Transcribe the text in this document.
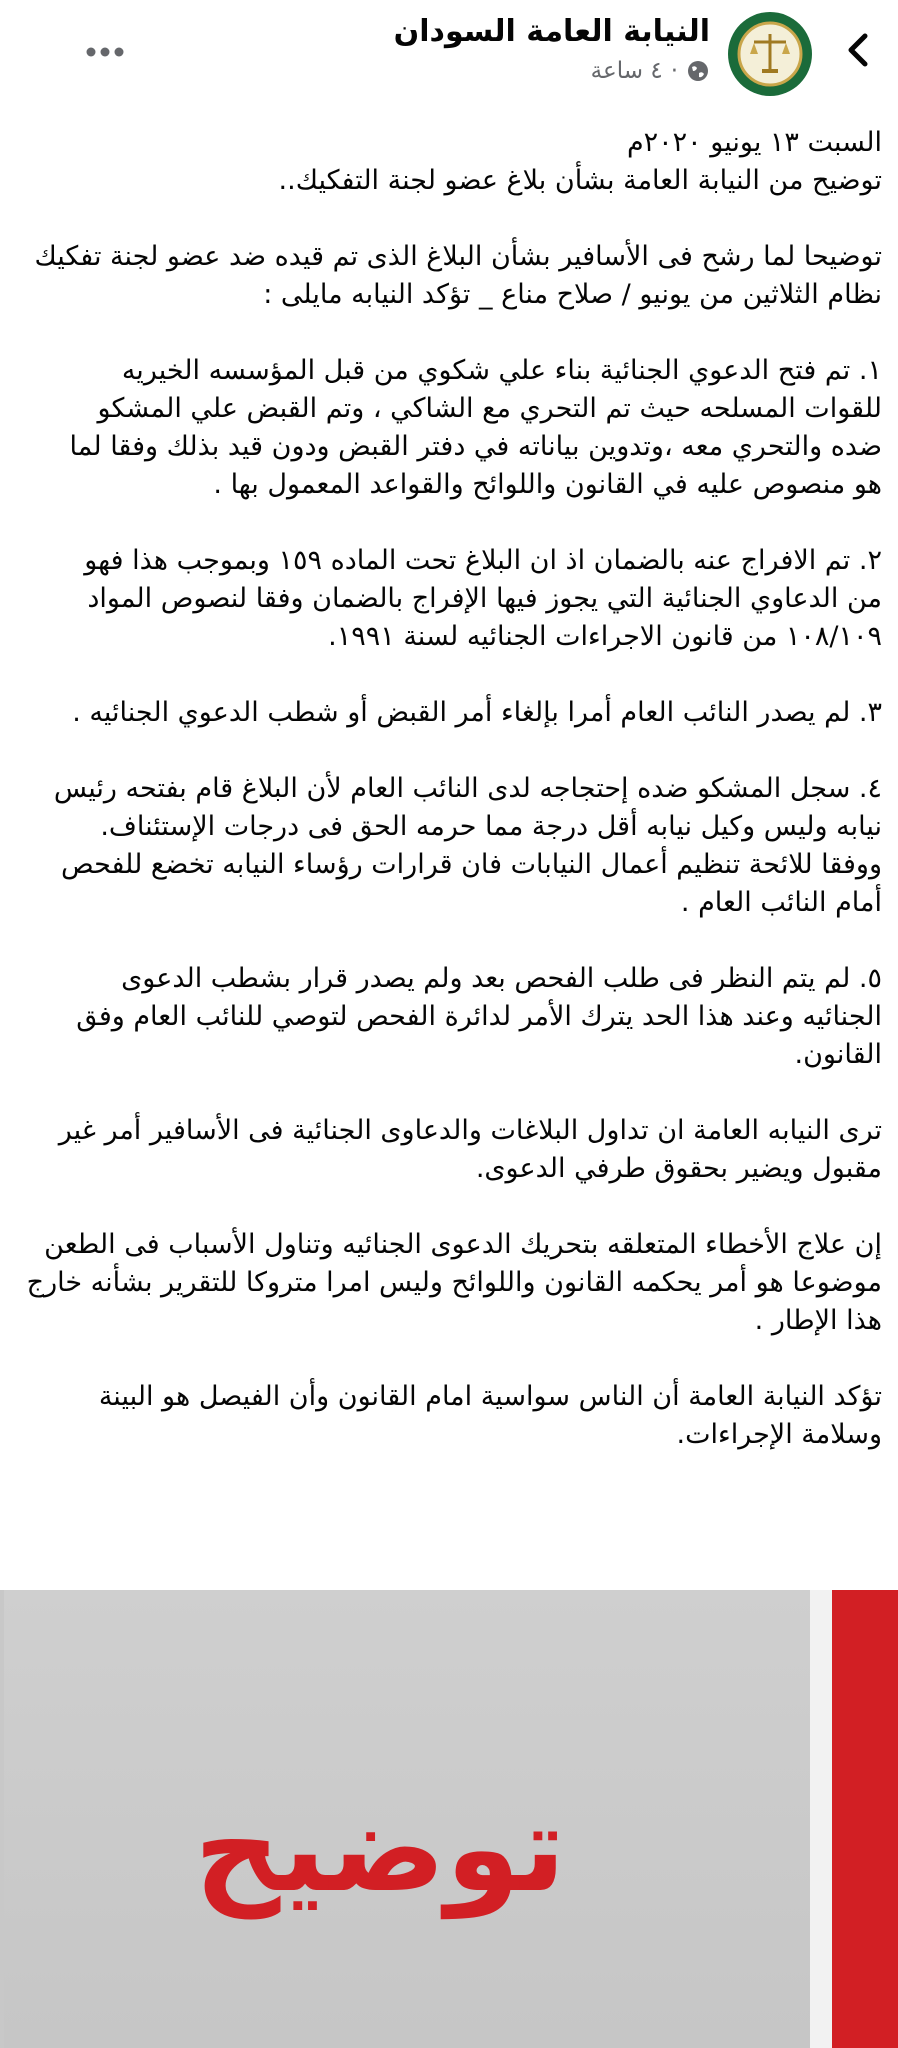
النيابة العامة السودان
٤ ساعة ·

السبت ١٣ يونيو ٢٠٢٠م

توضيح من النيابة العامة بشأن بلاغ عضو لجنة التفكيك..

توضيحا لما رشح فى الأسافير بشأن البلاغ الذى تم قيده ضد عضو لجنة تفكيك نظام الثلاثين من يونيو / صلاح مناع _ تؤكد النيابه مايلى :

١. تم فتح الدعوي الجنائية بناء علي شكوي من قبل المؤسسه الخيريه للقوات المسلحه حيث تم التحري مع الشاكي ، وتم القبض علي المشكو ضده والتحري معه ،وتدوين بياناته في دفتر القبض ودون قيد بذلك وفقا لما هو منصوص عليه في القانون واللوائح والقواعد المعمول بها .

٢. تم الافراج عنه بالضمان اذ ان البلاغ تحت الماده ١٥٩ وبموجب هذا فهو من الدعاوي الجنائية التي يجوز فيها الإفراج بالضمان وفقا لنصوص المواد ١٠٨/١٠٩ من قانون الاجراءات الجنائيه لسنة ١٩٩١.

٣. لم يصدر النائب العام أمرا بإلغاء أمر القبض أو شطب الدعوي الجنائيه .

٤. سجل المشكو ضده إحتجاجه لدى النائب العام لأن البلاغ قام بفتحه رئيس نيابه وليس وكيل نيابه أقل درجة مما حرمه الحق فى درجات الإستئناف. ووفقا للائحة تنظيم أعمال النيابات فان قرارات رؤساء النيابه تخضع للفحص أمام النائب العام .

٥. لم يتم النظر فى طلب الفحص بعد ولم يصدر قرار بشطب الدعوى الجنائيه وعند هذا الحد يترك الأمر لدائرة الفحص لتوصي للنائب العام وفق القانون.

ترى النيابه العامة ان تداول البلاغات والدعاوى الجنائية فى الأسافير أمر غير مقبول ويضير بحقوق طرفي الدعوى.

إن علاج الأخطاء المتعلقه بتحريك الدعوى الجنائيه وتناول الأسباب فى الطعن موضوعا هو أمر يحكمه القانون واللوائح وليس امرا متروكا للتقرير بشأنه خارج هذا الإطار .

تؤكد النيابة العامة أن الناس سواسية امام القانون وأن الفيصل هو البينة وسلامة الإجراءات.

توضيح
